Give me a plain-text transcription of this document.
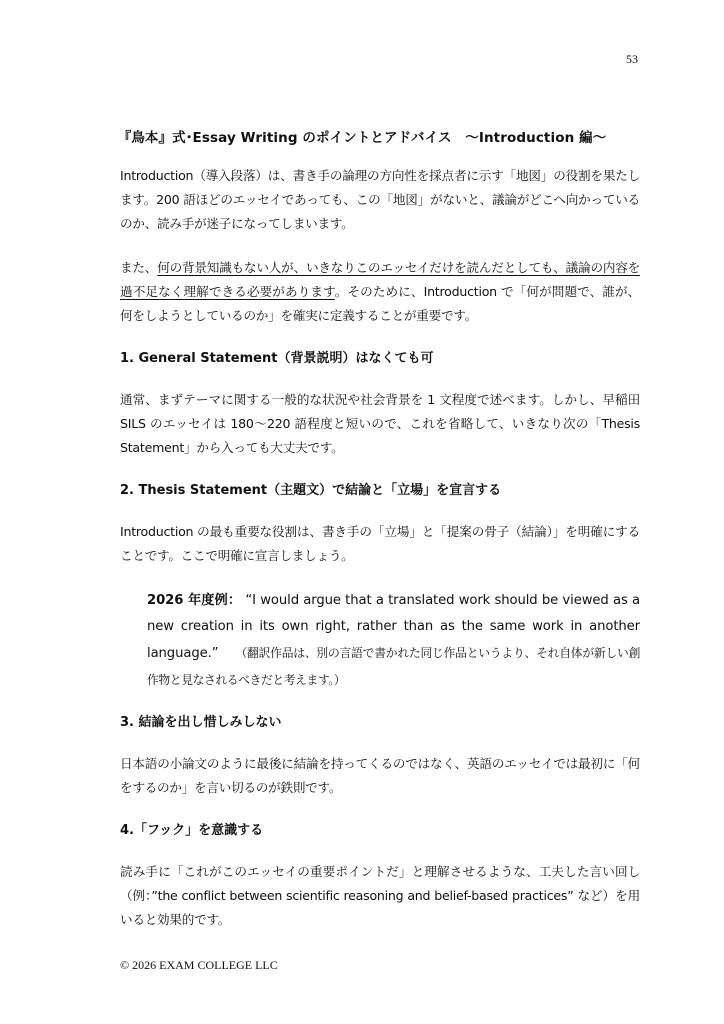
53
『鳥本』式･Essay Writing のポイントとアドバイス　～Introduction 編～

Introduction（導入段落）は、書き手の論理の方向性を採点者に示す「地図」の役割を果たします。200 語ほどのエッセイであっても、この「地図」がないと、議論がどこへ向かっているのか、読み手が迷子になってしまいます。

また、何の背景知識もない人が、いきなりこのエッセイだけを読んだとしても、議論の内容を過不足なく理解できる必要があります。そのために、Introduction で「何が問題で、誰が、何をしようとしているのか」を確実に定義することが重要です。

1. General Statement（背景説明）はなくても可

通常、まずテーマに関する一般的な状況や社会背景を 1 文程度で述べます。しかし、早稲田 SILS のエッセイは 180～220 語程度と短いので、これを省略して、いきなり次の「Thesis Statement」から入っても大丈夫です。

2. Thesis Statement（主題文）で結論と「立場」を宣言する

Introduction の最も重要な役割は、書き手の「立場」と「提案の骨子（結論）」を明確にすることです。ここで明確に宣言しましょう。

2026 年度例： “I would argue that a translated work should be viewed as a new creation in its own right, rather than as the same work in another language.” （翻訳作品は、別の言語で書かれた同じ作品というより、それ自体が新しい創作物と見なされるべきだと考えます。）

3. 結論を出し惜しみしない

日本語の小論文のように最後に結論を持ってくるのではなく、英語のエッセイでは最初に「何をするのか」を言い切るのが鉄則です。

4.「フック」を意識する

読み手に「これがこのエッセイの重要ポイントだ」と理解させるような、工夫した言い回し（例：”the conflict between scientific reasoning and belief-based practices” など）を用いると効果的です。

© 2026 EXAM COLLEGE LLC
